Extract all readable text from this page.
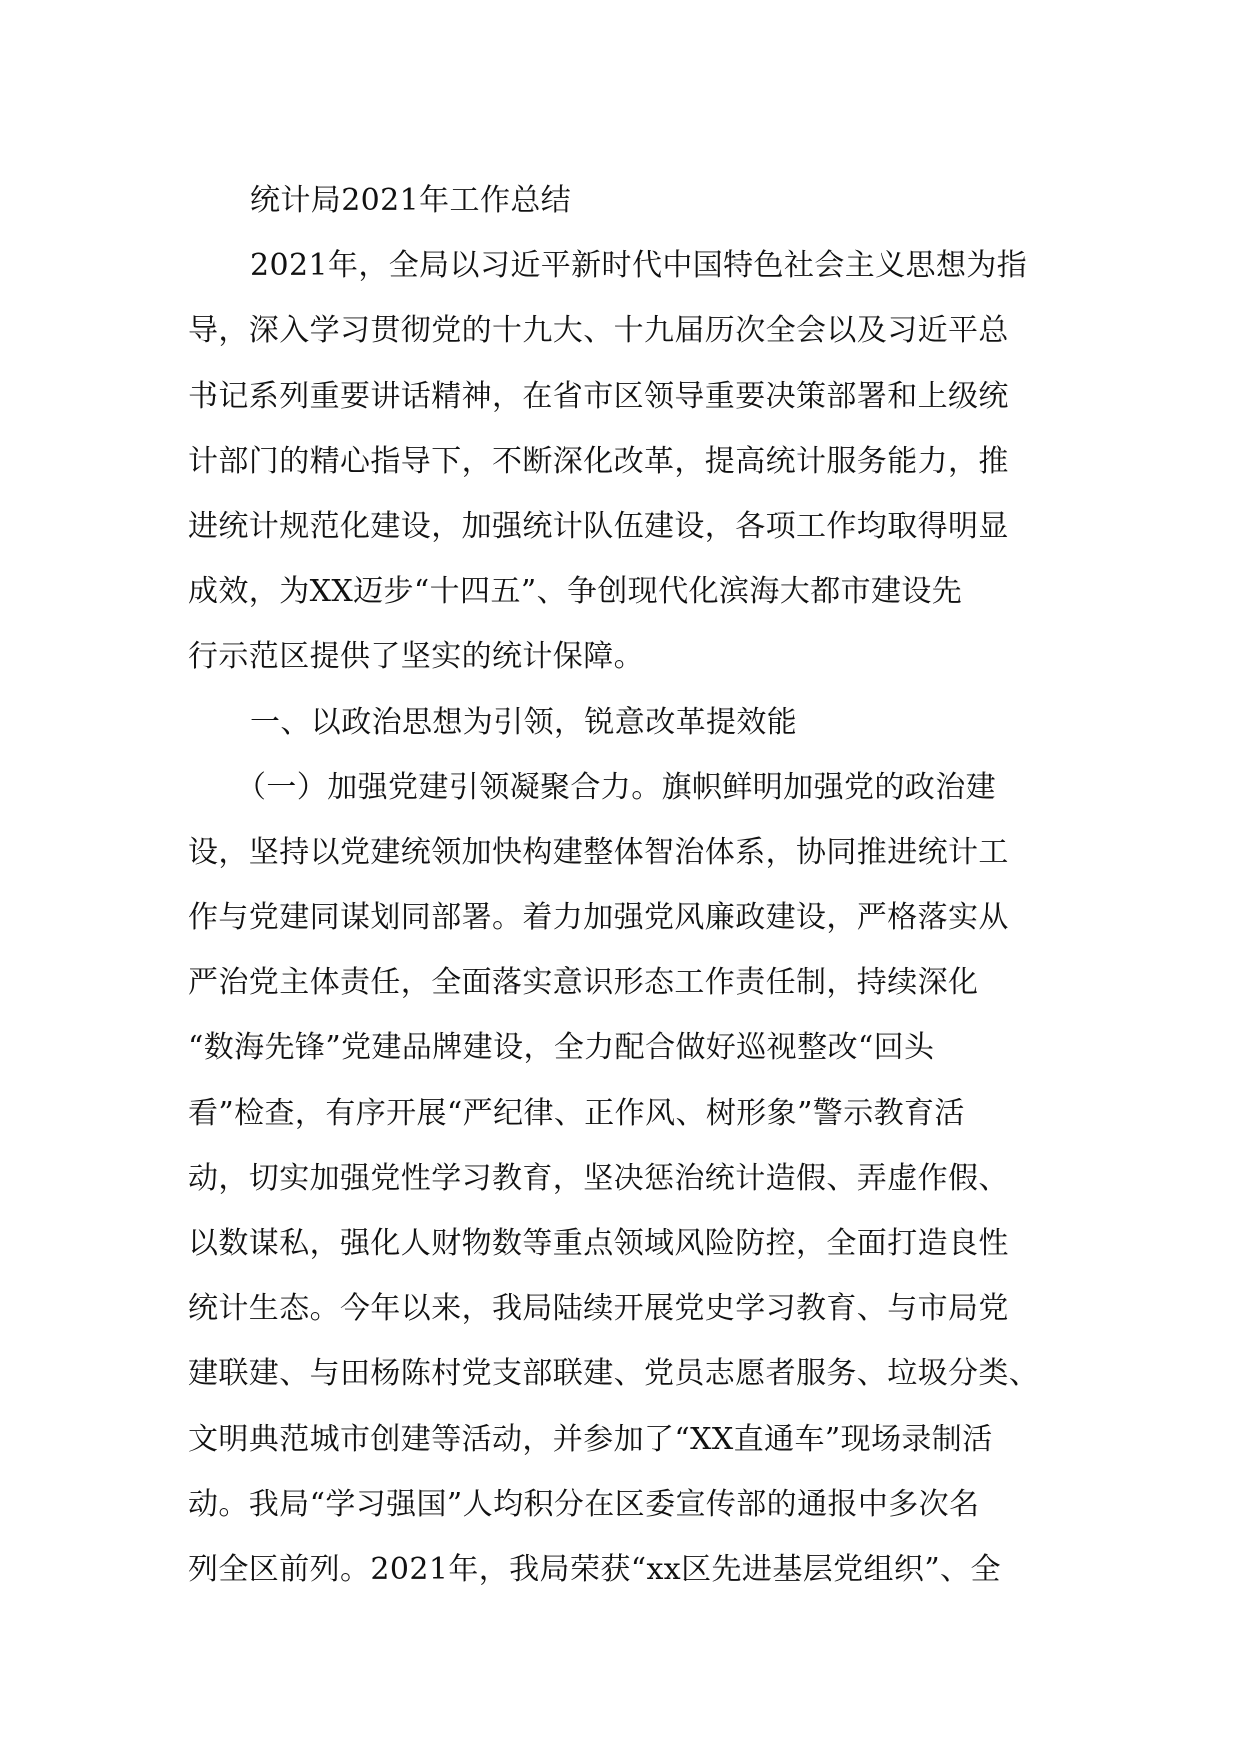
统计局2021年工作总结
2021年，全局以习近平新时代中国特色社会主义思想为指
导，深入学习贯彻党的十九大、十九届历次全会以及习近平总
书记系列重要讲话精神，在省市区领导重要决策部署和上级统
计部门的精心指导下，不断深化改革，提高统计服务能力，推
进统计规范化建设，加强统计队伍建设，各项工作均取得明显
成效，为XX迈步“十四五”、争创现代化滨海大都市建设先
行示范区提供了坚实的统计保障。
一、以政治思想为引领，锐意改革提效能
（一）加强党建引领凝聚合力。旗帜鲜明加强党的政治建
设，坚持以党建统领加快构建整体智治体系，协同推进统计工
作与党建同谋划同部署。着力加强党风廉政建设，严格落实从
严治党主体责任，全面落实意识形态工作责任制，持续深化
“数海先锋”党建品牌建设，全力配合做好巡视整改“回头
看”检查，有序开展“严纪律、正作风、树形象”警示教育活
动，切实加强党性学习教育，坚决惩治统计造假、弄虚作假、
以数谋私，强化人财物数等重点领域风险防控，全面打造良性
统计生态。今年以来，我局陆续开展党史学习教育、与市局党
建联建、与田杨陈村党支部联建、党员志愿者服务、垃圾分类、
文明典范城市创建等活动，并参加了“XX直通车”现场录制活
动。我局“学习强国”人均积分在区委宣传部的通报中多次名
列全区前列。2021年，我局荣获“xx区先进基层党组织”、全
